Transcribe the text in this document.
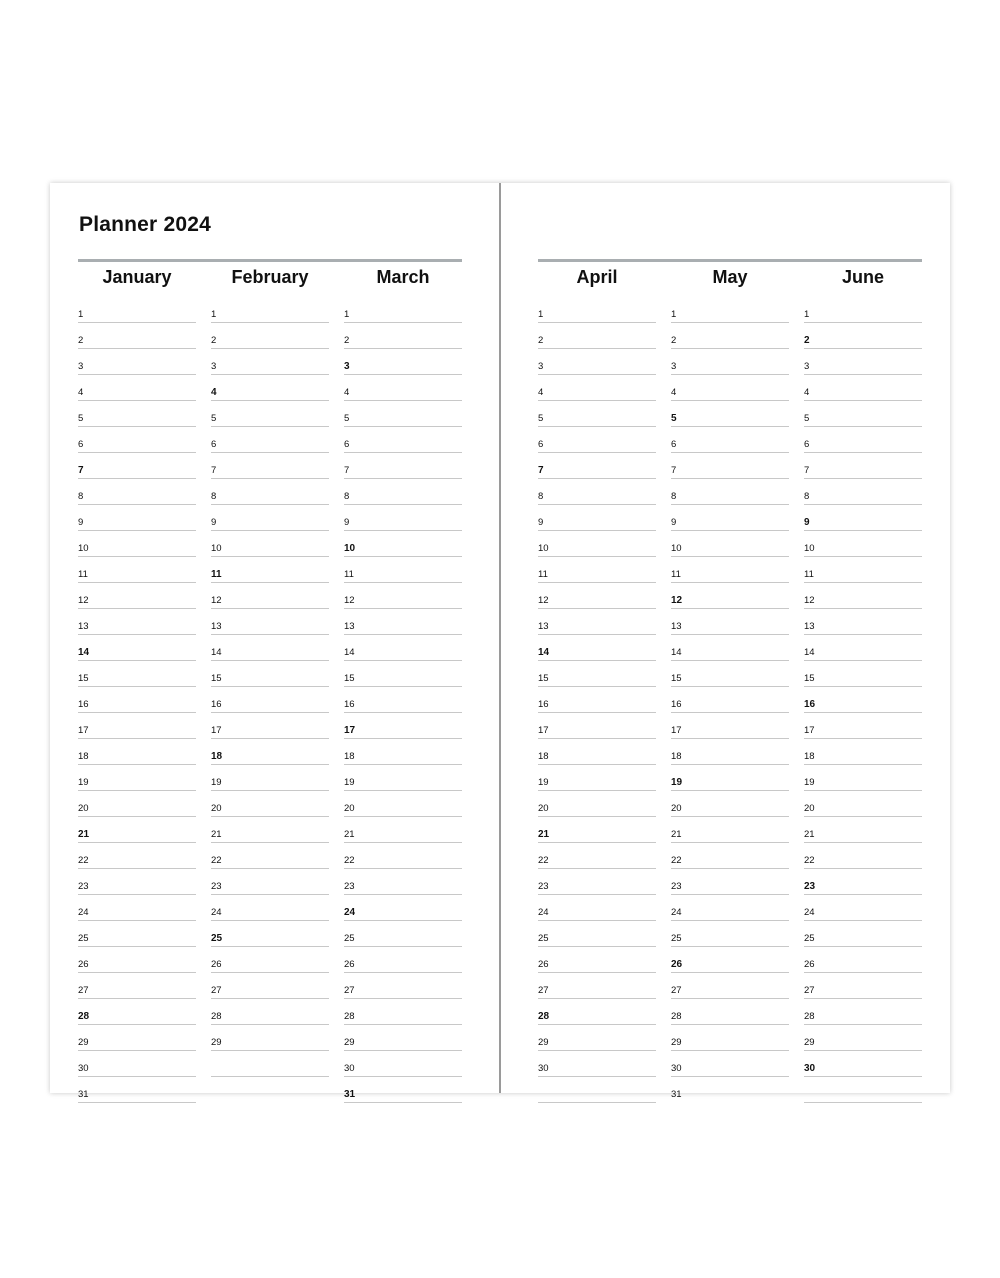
Planner 2024
January
1
2
3
4
5
6
7
8
9
10
11
12
13
14
15
16
17
18
19
20
21
22
23
24
25
26
27
28
29
30
31
February
1
2
3
4
5
6
7
8
9
10
11
12
13
14
15
16
17
18
19
20
21
22
23
24
25
26
27
28
29
March
1
2
3
4
5
6
7
8
9
10
11
12
13
14
15
16
17
18
19
20
21
22
23
24
25
26
27
28
29
30
31
April
1
2
3
4
5
6
7
8
9
10
11
12
13
14
15
16
17
18
19
20
21
22
23
24
25
26
27
28
29
30
May
1
2
3
4
5
6
7
8
9
10
11
12
13
14
15
16
17
18
19
20
21
22
23
24
25
26
27
28
29
30
31
June
1
2
3
4
5
6
7
8
9
10
11
12
13
14
15
16
17
18
19
20
21
22
23
24
25
26
27
28
29
30
